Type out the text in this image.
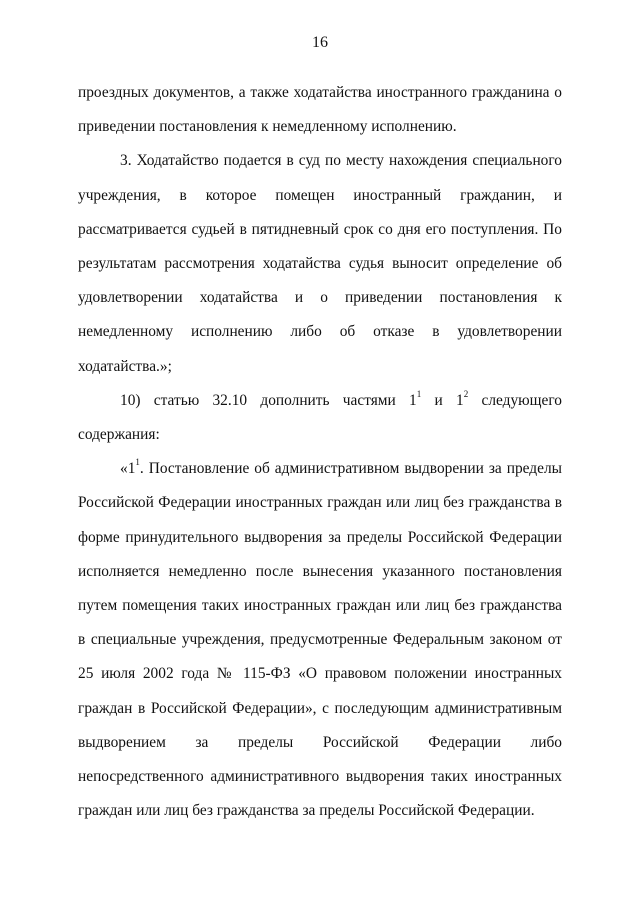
16

проездных документов, а также ходатайства иностранного гражданина о приведении постановления к немедленному исполнению.

3. Ходатайство подается в суд по месту нахождения специального учреждения, в которое помещен иностранный гражданин, и рассматривается судьей в пятидневный срок со дня его поступления. По результатам рассмотрения ходатайства судья выносит определение об удовлетворении ходатайства и о приведении постановления к немедленному исполнению либо об отказе в удовлетворении ходатайства.»;

10) статью 32.10 дополнить частями $1^1$ и $1^2$ следующего содержания:

«$1^1$. Постановление об административном выдворении за пределы Российской Федерации иностранных граждан или лиц без гражданства в форме принудительного выдворения за пределы Российской Федерации исполняется немедленно после вынесения указанного постановления путем помещения таких иностранных граждан или лиц без гражданства в специальные учреждения, предусмотренные Федеральным законом от 25 июля 2002 года № 115-ФЗ «О правовом положении иностранных граждан в Российской Федерации», с последующим административным выдворением за пределы Российской Федерации либо непосредственного административного выдворения таких иностранных граждан или лиц без гражданства за пределы Российской Федерации.
